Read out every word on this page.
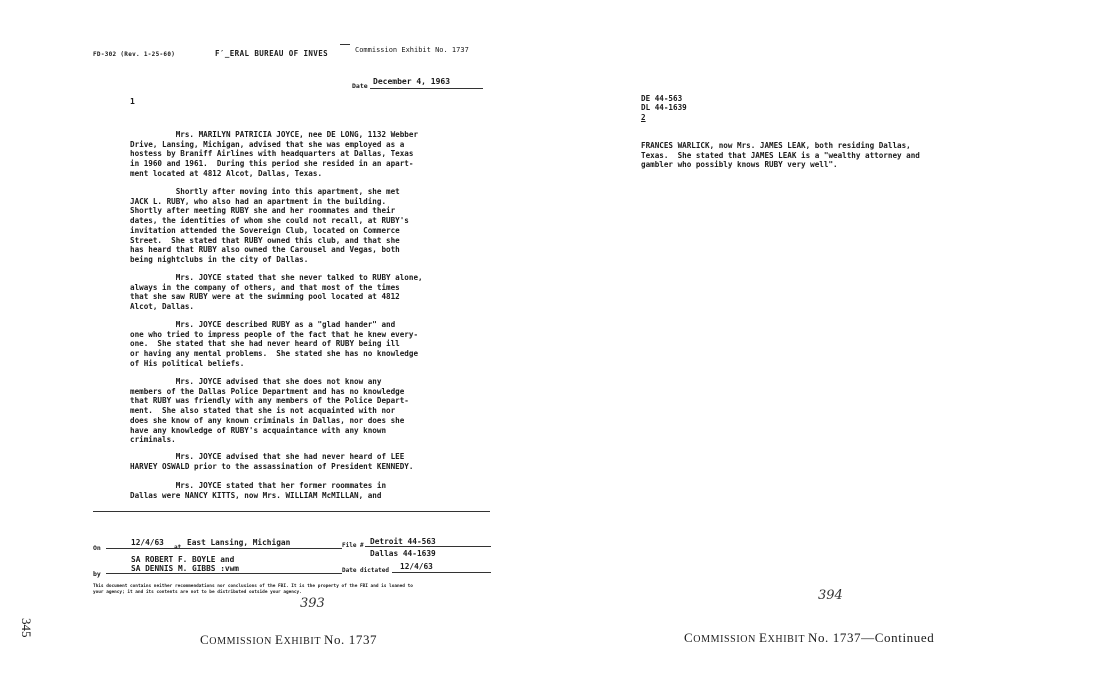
FD-302 (Rev. 1-25-60)	F′_ERAL BUREAU OF INVES	Commission Exhibit No. 1737
Date December 4, 1963
1
Mrs. MARILYN PATRICIA JOYCE, nee DE LONG, 1132 Webber
Drive, Lansing, Michigan, advised that she was employed as a
hostess by Braniff Airlines with headquarters at Dallas, Texas
in 1960 and 1961.  During this period she resided in an apart-
ment located at 4812 Alcot, Dallas, Texas.
Shortly after moving into this apartment, she met
JACK L. RUBY, who also had an apartment in the building.
Shortly after meeting RUBY she and her roommates and their
dates, the identities of whom she could not recall, at RUBY's
invitation attended the Sovereign Club, located on Commerce
Street.  She stated that RUBY owned this club, and that she
has heard that RUBY also owned the Carousel and Vegas, both
being nightclubs in the city of Dallas.
Mrs. JOYCE stated that she never talked to RUBY alone,
always in the company of others, and that most of the times
that she saw RUBY were at the swimming pool located at 4812
Alcot, Dallas.
Mrs. JOYCE described RUBY as a "glad hander" and
one who tried to impress people of the fact that he knew every-
one.  She stated that she had never heard of RUBY being ill
or having any mental problems.  She stated she has no knowledge
of His political beliefs.
Mrs. JOYCE advised that she does not know any
members of the Dallas Police Department and has no knowledge
that RUBY was friendly with any members of the Police Depart-
ment.  She also stated that she is not acquainted with nor
does she know of any known criminals in Dallas, nor does she
have any knowledge of RUBY's acquaintance with any known
criminals.
Mrs. JOYCE advised that she had never heard of LEE
HARVEY OSWALD prior to the assassination of President KENNEDY.
Mrs. JOYCE stated that her former roommates in
Dallas were NANCY KITTS, now Mrs. WILLIAM McMILLAN, and
On
12/4/63
at
East Lansing, Michigan	File # Detroit 44-563
Dallas 44-1639
SA ROBERT F. BOYLE and
by
SA DENNIS M. GIBBS :vwm	Date dictated 12/4/63
This document contains neither recommendations nor conclusions of the FBI. It is the property of the FBI and is loaned to
your agency; it and its contents are not to be distributed outside your agency.
393
COMMISSION EXHIBIT No. 1737
345
DE 44-563
DL 44-1639
2
FRANCES WARLICK, now Mrs. JAMES LEAK, both residing Dallas,
Texas.  She stated that JAMES LEAK is a "wealthy attorney and
gambler who possibly knows RUBY very well".
394
COMMISSION EXHIBIT No. 1737—Continued
